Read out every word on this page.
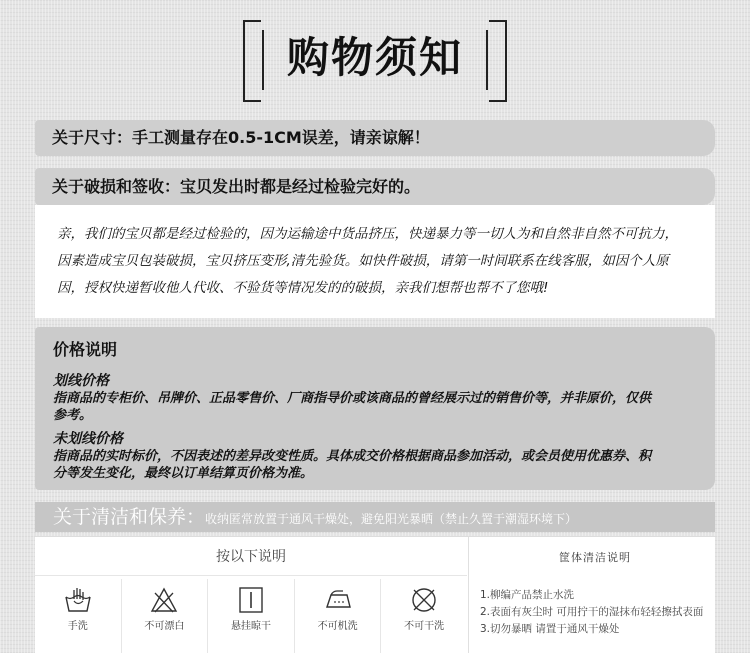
购物须知
关于尺寸：手工测量存在0.5-1CM误差，请亲谅解！
关于破损和签收：宝贝发出时都是经过检验完好的。
亲，我们的宝贝都是经过检验的，因为运输途中货品挤压，快递暴力等一切人为和自然非自然不可抗力，
因素造成宝贝包装破损，宝贝挤压变形,清先验货。如快件破损，请第一时间联系在线客服，如因个人原
因，授权快递暂收他人代收、不验货等情况发的的破损，亲我们想帮也帮不了您哦!
价格说明
划线价格
指商品的专柜价、吊牌价、正品零售价、厂商指导价或该商品的曾经展示过的销售价等，并非原价，仅供
参考。
未划线价格
指商品的实时标价，不因表述的差异改变性质。具体成交价格根据商品参加活动，或会员使用优惠券、积
分等发生变化，最终以订单结算页价格为准。
关于清洁和保养：收纳匿常放置于通风干燥处，避免阳光暴晒（禁止久置于潮湿环境下）
按以下说明
手洗	不可漂白	悬挂晾干	不可机洗	不可干洗
筐体清洁说明
1.柳编产品禁止水洗
2.表面有灰尘时 可用拧干的湿抹布轻轻擦拭表面
3.切勿暴晒 请置于通风干燥处
